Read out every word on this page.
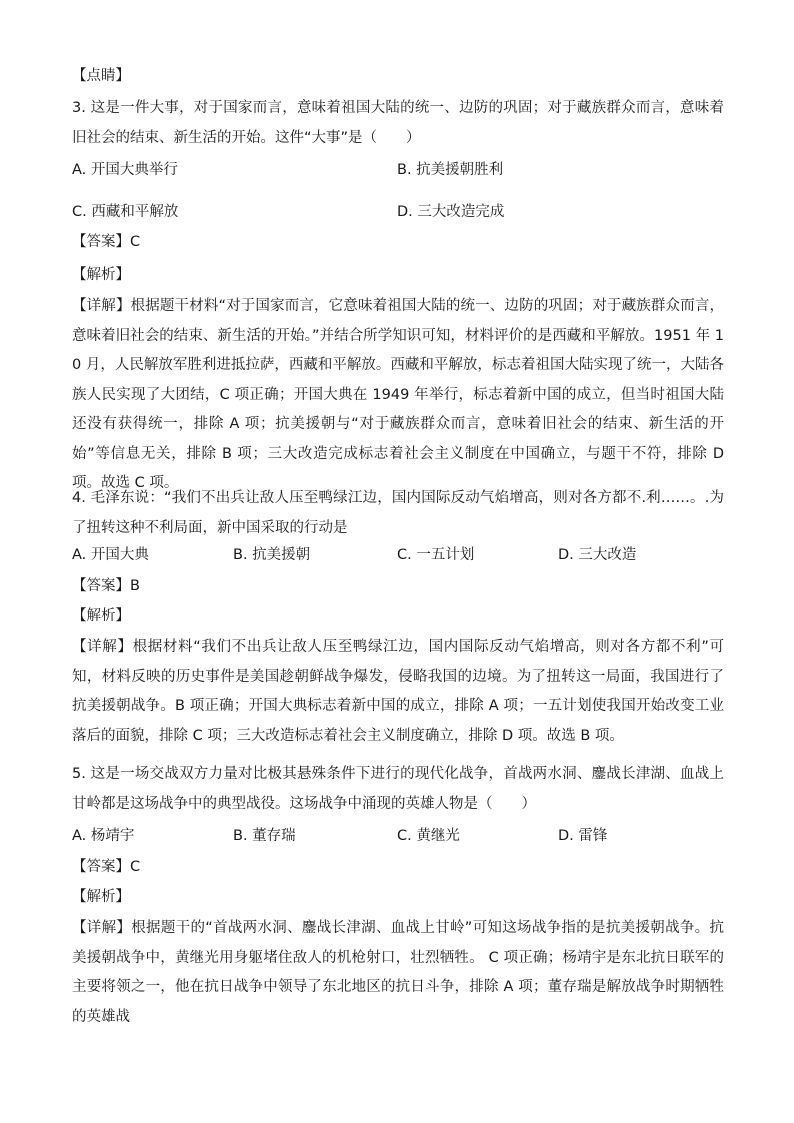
【点睛】
3. 这是一件大事，对于国家而言，意味着祖国大陆的统一、边防的巩固；对于藏族群众而言，意味着旧社会的结束、新生活的开始。这件“大事”是（　　）
A. 开国大典举行	B. 抗美援朝胜利
C. 西藏和平解放	D. 三大改造完成
【答案】C
【解析】
【详解】根据题干材料“对于国家而言，它意味着祖国大陆的统一、边防的巩固；对于藏族群众而言，意味着旧社会的结束、新生活的开始。”并结合所学知识可知，材料评价的是西藏和平解放。1951 年 10 月，人民解放军胜利进抵拉萨，西藏和平解放。西藏和平解放，标志着祖国大陆实现了统一，大陆各族人民实现了大团结，C 项正确；开国大典在 1949 年举行，标志着新中国的成立，但当时祖国大陆还没有获得统一，排除 A 项；抗美援朝与“对于藏族群众而言，意味着旧社会的结束、新生活的开始”等信息无关，排除 B 项；三大改造完成标志着社会主义制度在中国确立，与题干不符，排除 D 项。故选 C 项。
4. 毛泽东说：“我们不出兵让敌人压至鸭绿江边，国内国际反动气焰增高，则对各方都不.利……。.为了扭转这种不利局面，新中国采取的行动是
A. 开国大典	B. 抗美援朝	C. 一五计划	D. 三大改造
【答案】B
【解析】
【详解】根据材料“我们不出兵让敌人压至鸭绿江边，国内国际反动气焰增高，则对各方都不利”可知，材料反映的历史事件是美国趁朝鲜战争爆发，侵略我国的边境。为了扭转这一局面，我国进行了抗美援朝战争。B 项正确；开国大典标志着新中国的成立，排除 A 项；一五计划使我国开始改变工业落后的面貌，排除 C 项；三大改造标志着社会主义制度确立，排除 D 项。故选 B 项。
5. 这是一场交战双方力量对比极其悬殊条件下进行的现代化战争，首战两水洞、鏖战长津湖、血战上甘岭都是这场战争中的典型战役。这场战争中涌现的英雄人物是（　　）
A. 杨靖宇	B. 董存瑞	C. 黄继光	D. 雷锋
【答案】C
【解析】
【详解】根据题干的“首战两水洞、鏖战长津湖、血战上甘岭”可知这场战争指的是抗美援朝战争。抗美援朝战争中，黄继光用身躯堵住敌人的机枪射口，壮烈牺牲。 C 项正确；杨靖宇是东北抗日联军的主要将领之一，他在抗日战争中领导了东北地区的抗日斗争，排除 A 项；董存瑞是解放战争时期牺牲的英雄战
